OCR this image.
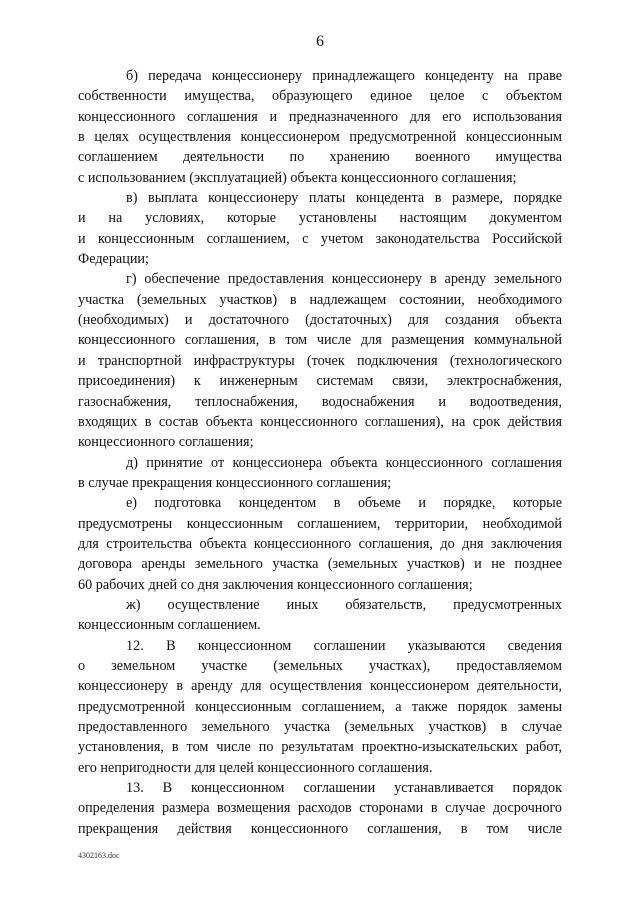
6
б) передача концессионеру принадлежащего концеденту на праве
собственности имущества, образующего единое целое с объектом
концессионного соглашения и предназначенного для его использования
в целях осуществления концессионером предусмотренной концессионным
соглашением деятельности по хранению военного имущества
с использованием (эксплуатацией) объекта концессионного соглашения;
в) выплата концессионеру платы концедента в размере, порядке
и на условиях, которые установлены настоящим документом
и концессионным соглашением, с учетом законодательства Российской
Федерации;
г) обеспечение предоставления концессионеру в аренду земельного
участка (земельных участков) в надлежащем состоянии, необходимого
(необходимых) и достаточного (достаточных) для создания объекта
концессионного соглашения, в том числе для размещения коммунальной
и транспортной инфраструктуры (точек подключения (технологического
присоединения) к инженерным системам связи, электроснабжения,
газоснабжения, теплоснабжения, водоснабжения и водоотведения,
входящих в состав объекта концессионного соглашения), на срок действия
концессионного соглашения;
д) принятие от концессионера объекта концессионного соглашения
в случае прекращения концессионного соглашения;
е) подготовка концедентом в объеме и порядке, которые
предусмотрены концессионным соглашением, территории, необходимой
для строительства объекта концессионного соглашения, до дня заключения
договора аренды земельного участка (земельных участков) и не позднее
60 рабочих дней со дня заключения концессионного соглашения;
ж) осуществление иных обязательств, предусмотренных
концессионным соглашением.
12. В концессионном соглашении указываются сведения
о земельном участке (земельных участках), предоставляемом
концессионеру в аренду для осуществления концессионером деятельности,
предусмотренной концессионным соглашением, а также порядок замены
предоставленного земельного участка (земельных участков) в случае
установления, в том числе по результатам проектно-изыскательских работ,
его непригодности для целей концессионного соглашения.
13. В концессионном соглашении устанавливается порядок
определения размера возмещения расходов сторонами в случае досрочного
прекращения действия концессионного соглашения, в том числе
4302163.doc
